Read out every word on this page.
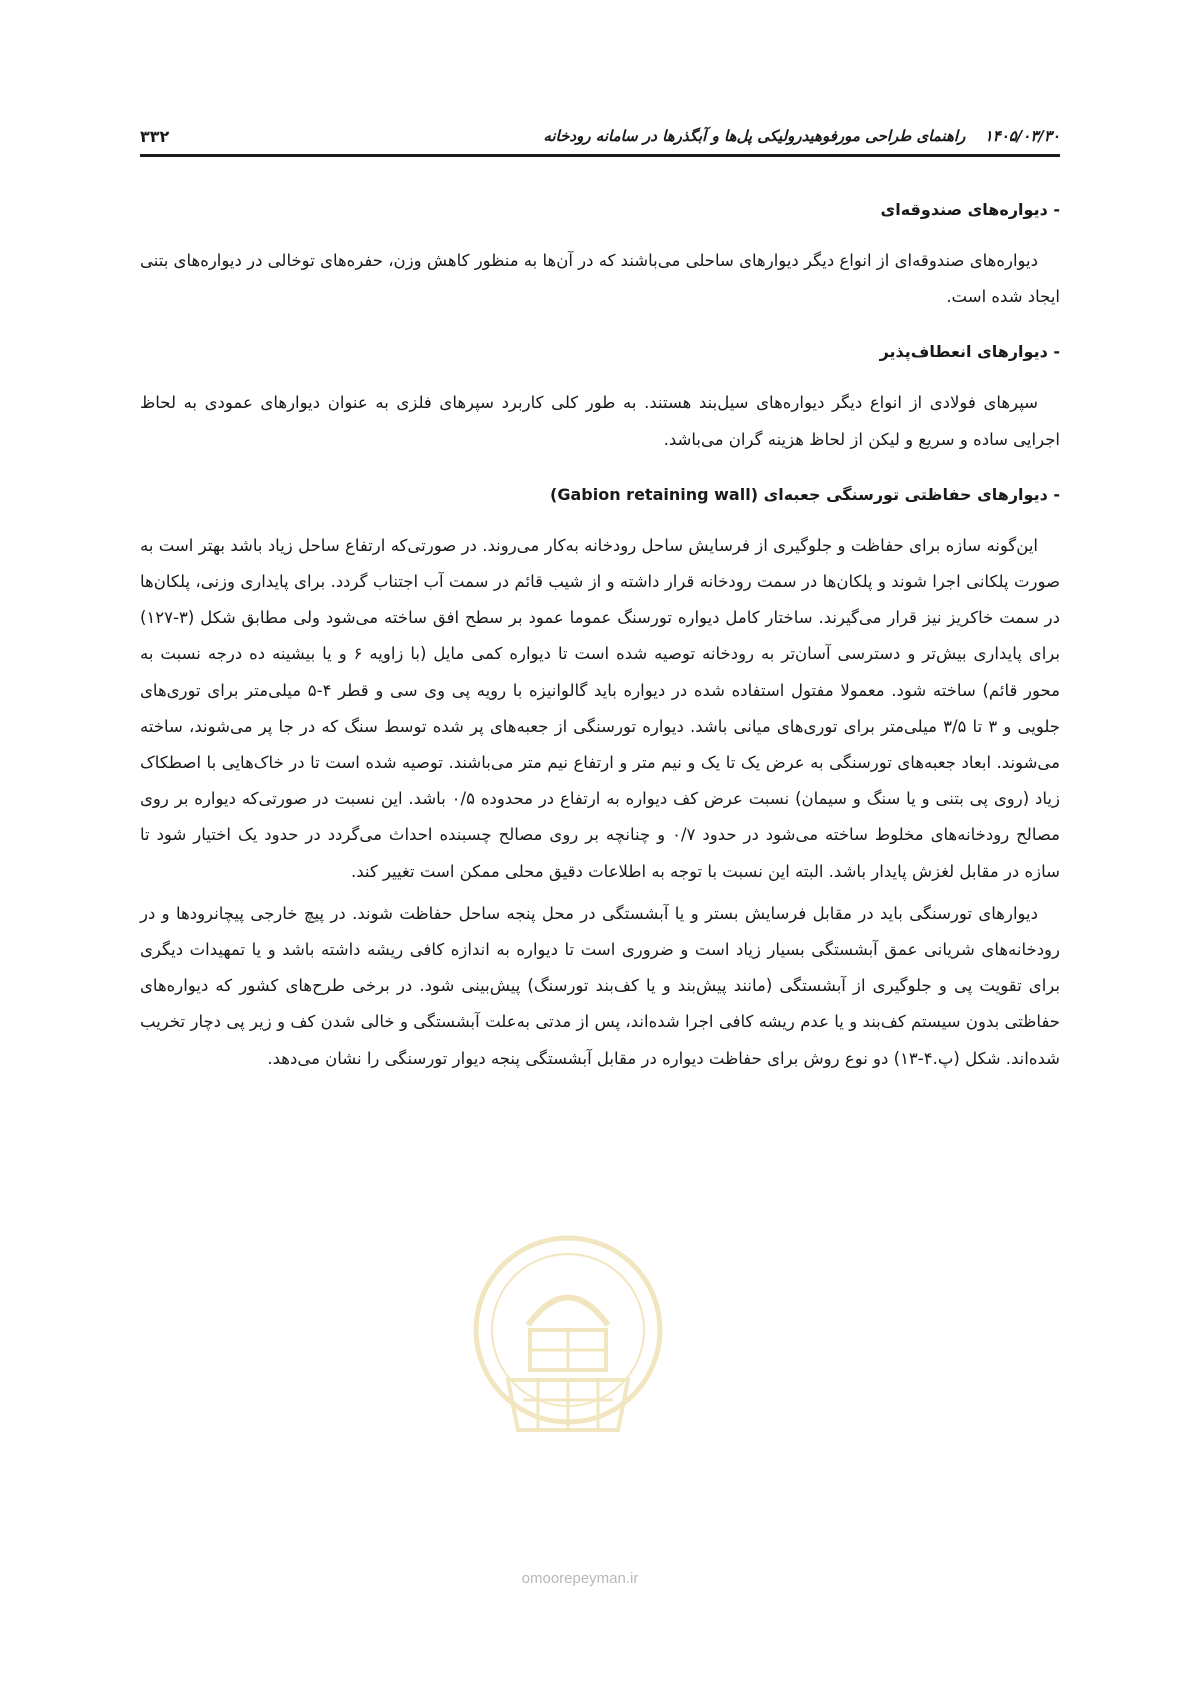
۱۴۰۵/۰۳/۳۰ راهنمای طراحی مورفوهیدرولیکی پل‌ها و آبگذرها در سامانه رودخانه
۳۳۲
- دیواره‌های صندوقه‌ای

دیواره‌های صندوقه‌ای از انواع دیگر دیوارهای ساحلی می‌باشند که در آن‌ها به منظور کاهش وزن، حفره‌های توخالی در دیواره‌های بتنی ایجاد شده است.

- دیوارهای انعطاف‌پذیر

سپرهای فولادی از انواع دیگر دیواره‌های سیل‌بند هستند. به طور کلی کاربرد سپرهای فلزی به عنوان دیوارهای عمودی به لحاظ اجرایی ساده و سریع و لیکن از لحاظ هزینه گران می‌باشد.

- دیوارهای حفاظتی تورسنگی جعبه‌ای (Gabion retaining wall)

این‌گونه سازه برای حفاظت و جلوگیری از فرسایش ساحل رودخانه به‌کار می‌روند. در صورتی‌که ارتفاع ساحل زیاد باشد بهتر است به صورت پلکانی اجرا شوند و پلکان‌ها در سمت رودخانه قرار داشته و از شیب قائم در سمت آب اجتناب گردد. برای پایداری وزنی، پلکان‌ها در سمت خاکریز نیز قرار می‌گیرند. ساختار کامل دیواره تورسنگ عموما عمود بر سطح افق ساخته می‌شود ولی مطابق شکل (۳-۱۲۷) برای پایداری بیش‌تر و دسترسی آسان‌تر به رودخانه توصیه شده است تا دیواره کمی مایل (با زاویه ۶ و یا بیشینه ده درجه نسبت به محور قائم) ساخته شود. معمولا مفتول استفاده شده در دیواره باید گالوانیزه با رویه پی وی سی و قطر ۴-۵ میلی‌متر برای توری‌های جلویی و ۳ تا ۳/۵ میلی‌متر برای توری‌های میانی باشد. دیواره تورسنگی از جعبه‌های پر شده توسط سنگ که در جا پر می‌شوند، ساخته می‌شوند. ابعاد جعبه‌های تورسنگی به عرض یک تا یک و نیم متر و ارتفاع نیم متر می‌باشند. توصیه شده است تا در خاک‌هایی با اصطکاک زیاد (روی پی بتنی و یا سنگ و سیمان) نسبت عرض کف دیواره به ارتفاع در محدوده ۰/۵ باشد. این نسبت در صورتی‌که دیواره بر روی مصالح رودخانه‌های مخلوط ساخته می‌شود در حدود ۰/۷ و چنانچه بر روی مصالح چسبنده احداث می‌گردد در حدود یک اختیار شود تا سازه در مقابل لغزش پایدار باشد. البته این نسبت با توجه به اطلاعات دقیق محلی ممکن است تغییر کند.

دیوارهای تورسنگی باید در مقابل فرسایش بستر و یا آبشستگی در محل پنجه ساحل حفاظت شوند. در پیچ خارجی پیچانرودها و در رودخانه‌های شریانی عمق آبشستگی بسیار زیاد است و ضروری است تا دیواره به اندازه کافی ریشه داشته باشد و یا تمهیدات دیگری برای تقویت پی و جلوگیری از آبشستگی (مانند پیش‌بند و یا کف‌بند تورسنگ) پیش‌بینی شود. در برخی طرح‌های کشور که دیواره‌های حفاظتی بدون سیستم کف‌بند و یا عدم ریشه کافی اجرا شده‌اند، پس از مدتی به‌علت آبشستگی و خالی شدن کف و زیر پی دچار تخریب شده‌اند. شکل (پ.۴-۱۳) دو نوع روش برای حفاظت دیواره در مقابل آبشستگی پنجه دیوار تورسنگی را نشان می‌دهد.

omoorepeyman.ir
